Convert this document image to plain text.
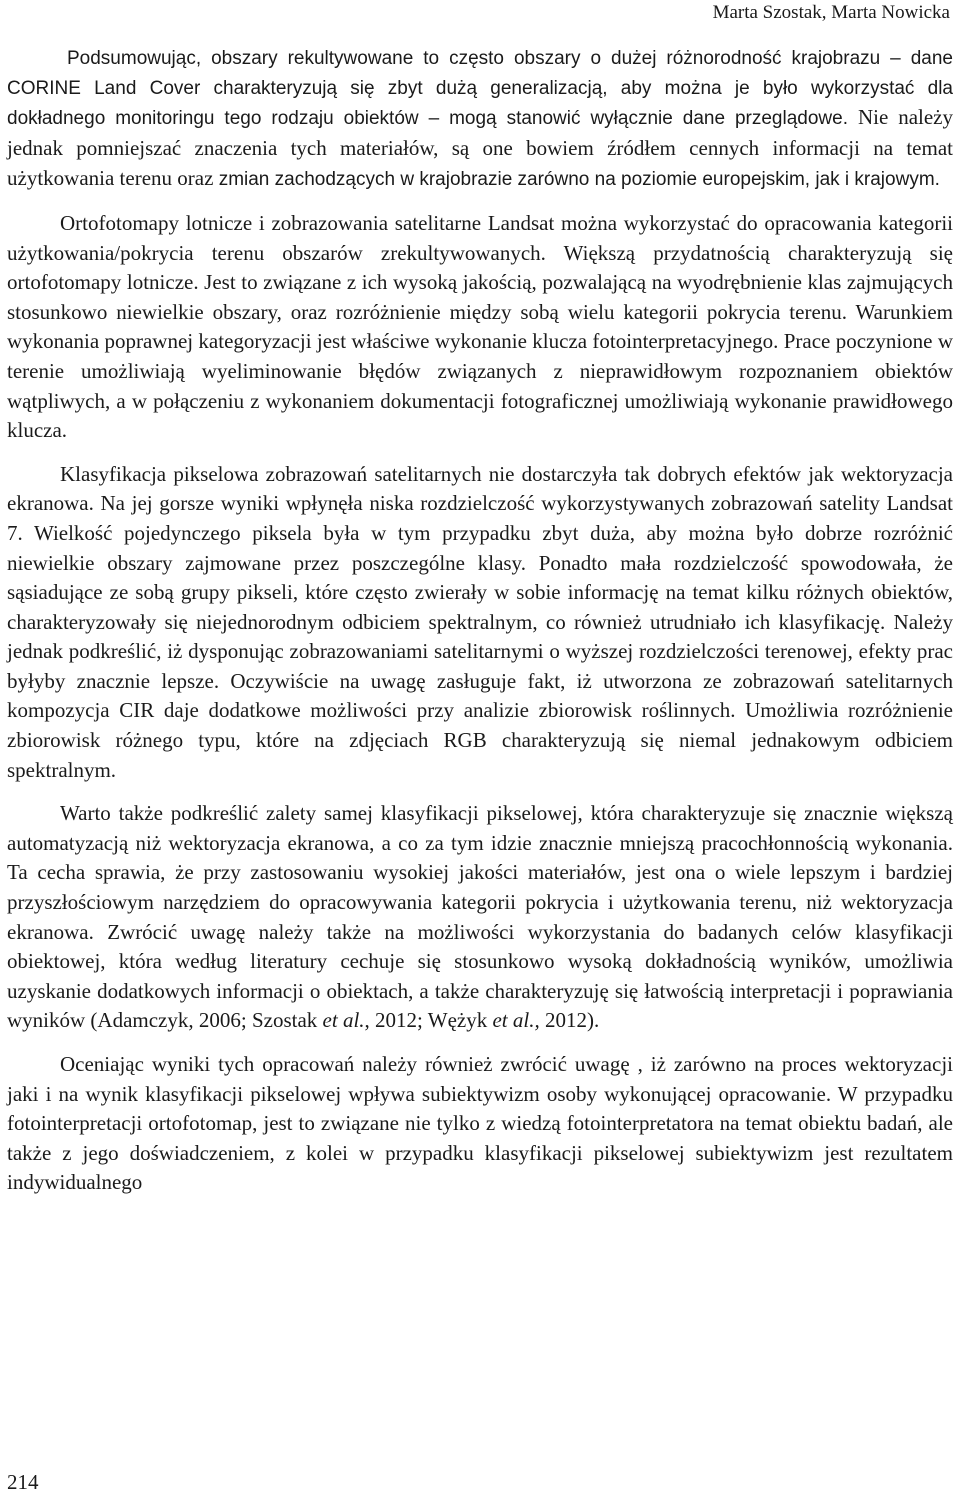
Marta Szostak, Marta Nowicka

Podsumowując, obszary rekultywowane to często obszary o dużej różnorodność krajobrazu – dane CORINE Land Cover charakteryzują się zbyt dużą generalizacją, aby można je było wykorzystać dla dokładnego monitoringu tego rodzaju obiektów – mogą stanowić wyłącznie dane przeglądowe. Nie należy jednak pomniejszać znaczenia tych materiałów, są one bowiem źródłem cennych informacji na temat użytkowania terenu oraz zmian zachodzących w krajobrazie zarówno na poziomie europejskim, jak i krajowym.

Ortofotomapy lotnicze i zobrazowania satelitarne Landsat można wykorzystać do opracowania kategorii użytkowania/pokrycia terenu obszarów zrekultywowanych. Większą przydatnością charakteryzują się ortofotomapy lotnicze. Jest to związane z ich wysoką jakością, pozwalającą na wyodrębnienie klas zajmujących stosunkowo niewielkie obszary, oraz rozróżnienie między sobą wielu kategorii pokrycia terenu. Warunkiem wykonania poprawnej kategoryzacji jest właściwe wykonanie klucza fotointerpretacyjnego. Prace poczynione w terenie umożliwiają wyeliminowanie błędów związanych z nieprawidłowym rozpoznaniem obiektów wątpliwych, a w połączeniu z wykonaniem dokumentacji fotograficznej umożliwiają wykonanie prawidłowego klucza.

Klasyfikacja pikselowa zobrazowań satelitarnych nie dostarczyła tak dobrych efektów jak wektoryzacja ekranowa. Na jej gorsze wyniki wpłynęła niska rozdzielczość wykorzystywanych zobrazowań satelity Landsat 7. Wielkość pojedynczego piksela była w tym przypadku zbyt duża, aby można było dobrze rozróżnić niewielkie obszary zajmowane przez poszczególne klasy. Ponadto mała rozdzielczość spowodowała, że sąsiadujące ze sobą grupy pikseli, które często zwierały w sobie informację na temat kilku różnych obiektów, charakteryzowały się niejednorodnym odbiciem spektralnym, co również utrudniało ich klasyfikację. Należy jednak podkreślić, iż dysponując zobrazowaniami satelitarnymi o wyższej rozdzielczości terenowej, efekty prac byłyby znacznie lepsze. Oczywiście na uwagę zasługuje fakt, iż utworzona ze zobrazowań satelitarnych kompozycja CIR daje dodatkowe możliwości przy analizie zbiorowisk roślinnych. Umożliwia rozróżnienie zbiorowisk różnego typu, które na zdjęciach RGB charakteryzują się niemal jednakowym odbiciem spektralnym.

Warto także podkreślić zalety samej klasyfikacji pikselowej, która charakteryzuje się znacznie większą automatyzacją niż wektoryzacja ekranowa, a co za tym idzie znacznie mniejszą pracochłonnością wykonania. Ta cecha sprawia, że przy zastosowaniu wysokiej jakości materiałów, jest ona o wiele lepszym i bardziej przyszłościowym narzędziem do opracowywania kategorii pokrycia i użytkowania terenu, niż wektoryzacja ekranowa. Zwrócić uwagę należy także na możliwości wykorzystania do badanych celów klasyfikacji obiektowej, która według literatury cechuje się stosunkowo wysoką dokładnością wyników, umożliwia uzyskanie dodatkowych informacji o obiektach, a także charakteryzuję się łatwością interpretacji i poprawiania wyników (Adamczyk, 2006; Szostak et al., 2012; Wężyk et al., 2012).

Oceniając wyniki tych opracowań należy również zwrócić uwagę , iż zarówno na proces wektoryzacji jaki i na wynik klasyfikacji pikselowej wpływa subiektywizm osoby wykonującej opracowanie. W przypadku fotointerpretacji ortofotomap, jest to związane nie tylko z wiedzą fotointerpretatora na temat obiektu badań, ale także z jego doświadczeniem, z kolei w przypadku klasyfikacji pikselowej subiektywizm jest rezultatem indywidualnego

214
